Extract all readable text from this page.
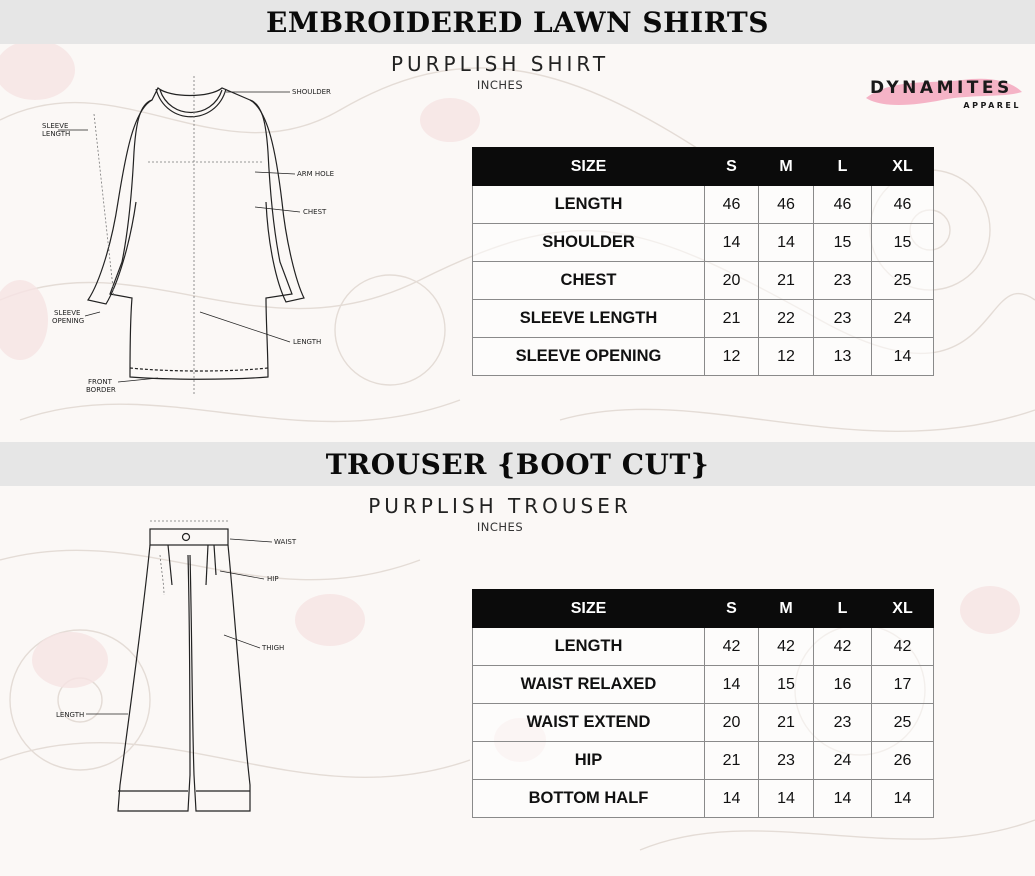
EMBROIDERED LAWN SHIRTS
PURPLISH SHIRT
INCHES	DYNAMITES
APPAREL
SHOULDER
SLEEVE
LENGTH
ARM HOLE
CHEST
SLEEVE
OPENING
LENGTH
FRONT
BORDER
SIZE	S	M	L	XL
LENGTH	46	46	46	46
SHOULDER	14	14	15	15
CHEST	20	21	23	25
SLEEVE LENGTH	21	22	23	24
SLEEVE OPENING	12	12	13	14
TROUSER {BOOT CUT}
PURPLISH TROUSER
INCHES
WAIST
HIP
THIGH
LENGTH
SIZE	S	M	L	XL
LENGTH	42	42	42	42
WAIST RELAXED	14	15	16	17
WAIST EXTEND	20	21	23	25
HIP	21	23	24	26
BOTTOM HALF	14	14	14	14
